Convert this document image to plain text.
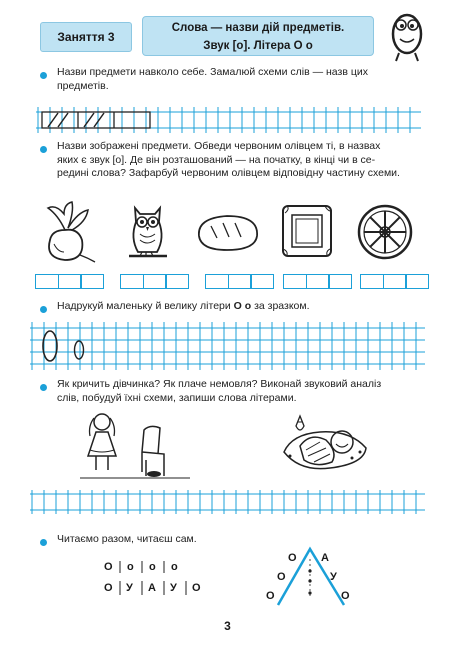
Заняття 3
Слова — назви дій предметів.
Звук [о]. Літера О о
Назви предмети навколо себе. Замалюй схеми слів — назв цих
предметів.
Назви зображені предмети. Обведи червоним олівцем ті, в назвах
яких є звук [о]. Де він розташований — на початку, в кінці чи в се-
редині слова? Зафарбуй червоним олівцем відповідну частину схеми.
Надрукуй маленьку й велику літери О о за зразком.
Як кричить дівчинка? Як плаче немовля? Виконай звуковий аналіз
слів, побудуй їхні схеми, запиши слова літерами.
Читаємо разом, читаєш сам.
О о о о
О У А У О
О А
О	У
О	О
3
